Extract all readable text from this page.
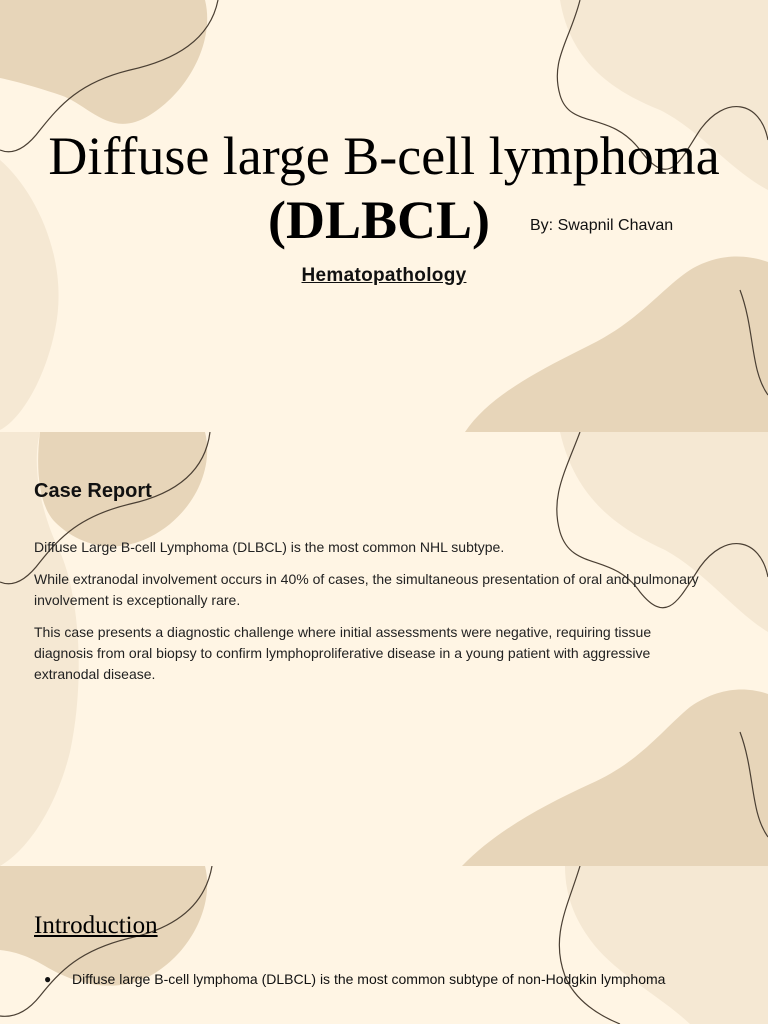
Diffuse large B-cell lymphoma
(DLBCL) By: Swapnil Chavan
Hematopathology
Case Report

Diffuse Large B-cell Lymphoma (DLBCL) is the most common NHL subtype.

While extranodal involvement occurs in 40% of cases, the simultaneous presentation of oral and pulmonary involvement is exceptionally rare.

This case presents a diagnostic challenge where initial assessments were negative, requiring tissue diagnosis from oral biopsy to confirm lymphoproliferative disease in a young patient with aggressive extranodal disease.

Introduction
● Diffuse large B-cell lymphoma (DLBCL) is the most common subtype of non-Hodgkin lymphoma
